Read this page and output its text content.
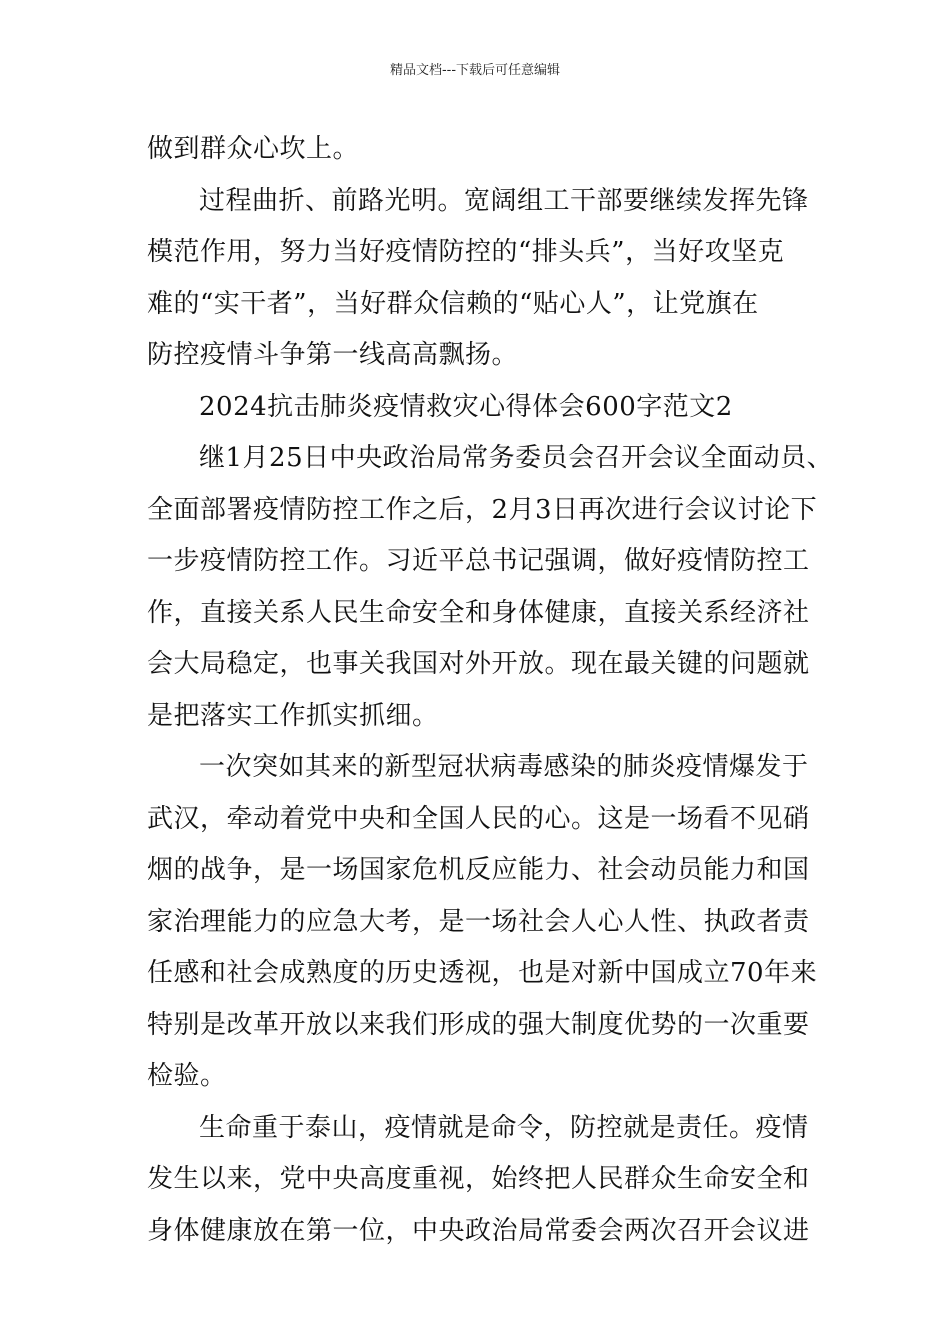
精品文档---下载后可任意编辑

做到群众心坎上。

过程曲折、前路光明。宽阔组工干部要继续发挥先锋
模范作用，努力当好疫情防控的“排头兵”，当好攻坚克
难的“实干者”，当好群众信赖的“贴心人”，让党旗在
防控疫情斗争第一线高高飘扬。

2024抗击肺炎疫情救灾心得体会600字范文2

继1月25日中央政治局常务委员会召开会议全面动员、
全面部署疫情防控工作之后，2月3日再次进行会议讨论下
一步疫情防控工作。习近平总书记强调，做好疫情防控工
作，直接关系人民生命安全和身体健康，直接关系经济社
会大局稳定，也事关我国对外开放。现在最关键的问题就
是把落实工作抓实抓细。

一次突如其来的新型冠状病毒感染的肺炎疫情爆发于
武汉，牵动着党中央和全国人民的心。这是一场看不见硝
烟的战争，是一场国家危机反应能力、社会动员能力和国
家治理能力的应急大考，是一场社会人心人性、执政者责
任感和社会成熟度的历史透视，也是对新中国成立70年来
特别是改革开放以来我们形成的强大制度优势的一次重要
检验。

生命重于泰山，疫情就是命令，防控就是责任。疫情
发生以来，党中央高度重视，始终把人民群众生命安全和
身体健康放在第一位，中央政治局常委会两次召开会议进
